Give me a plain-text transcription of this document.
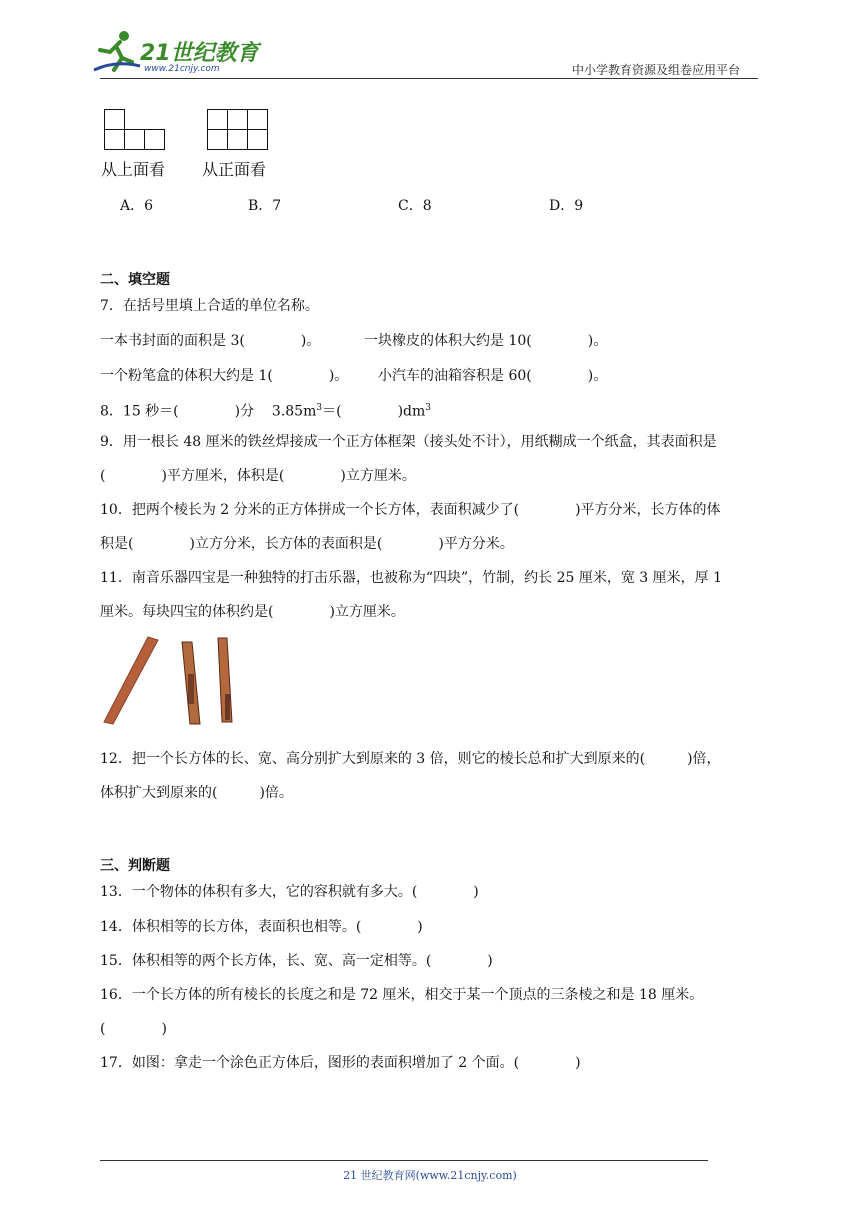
21世纪教育
www.21cnjy.com	中小学教育资源及组卷应用平台
从上面看 从正面看
A．6	B．7	C．8	D．9
二、填空题
7．在括号里填上合适的单位名称。
一本书封面的面积是 3(　　　　)。	一块橡皮的体积大约是 10(　　　　)。
一个粉笔盒的体积大约是 1(　　　　)。 小汽车的油箱容积是 60(　　　　)。
8．15 秒＝(　　　　)分 $3.85m^3=$(　　　　)$dm^3$
9．用一根长 48 厘米的铁丝焊接成一个正方体框架（接头处不计），用纸糊成一个纸盒，其表面积是
(　　　　)平方厘米，体积是(　　　　)立方厘米。
10．把两个棱长为 2 分米的正方体拼成一个长方体，表面积减少了(　　　　)平方分米，长方体的体
积是(　　　　)立方分米，长方体的表面积是(　　　　)平方分米。
11．南音乐器四宝是一种独特的打击乐器，也被称为“四块”，竹制，约长 25 厘米，宽 3 厘米，厚 1
厘米。每块四宝的体积约是(　　　　)立方厘米。
12．把一个长方体的长、宽、高分别扩大到原来的 3 倍，则它的棱长总和扩大到原来的(　　　)倍，
体积扩大到原来的(　　　)倍。
三、判断题
13．一个物体的体积有多大，它的容积就有多大。(　　　　)
14．体积相等的长方体，表面积也相等。(　　　　)
15．体积相等的两个长方体，长、宽、高一定相等。(　　　　)
16．一个长方体的所有棱长的长度之和是 72 厘米，相交于某一个顶点的三条棱之和是 18 厘米。
(　　　　)
17．如图：拿走一个涂色正方体后，图形的表面积增加了 2 个面。(　　　　)
21 世纪教育网(www.21cnjy.com)
